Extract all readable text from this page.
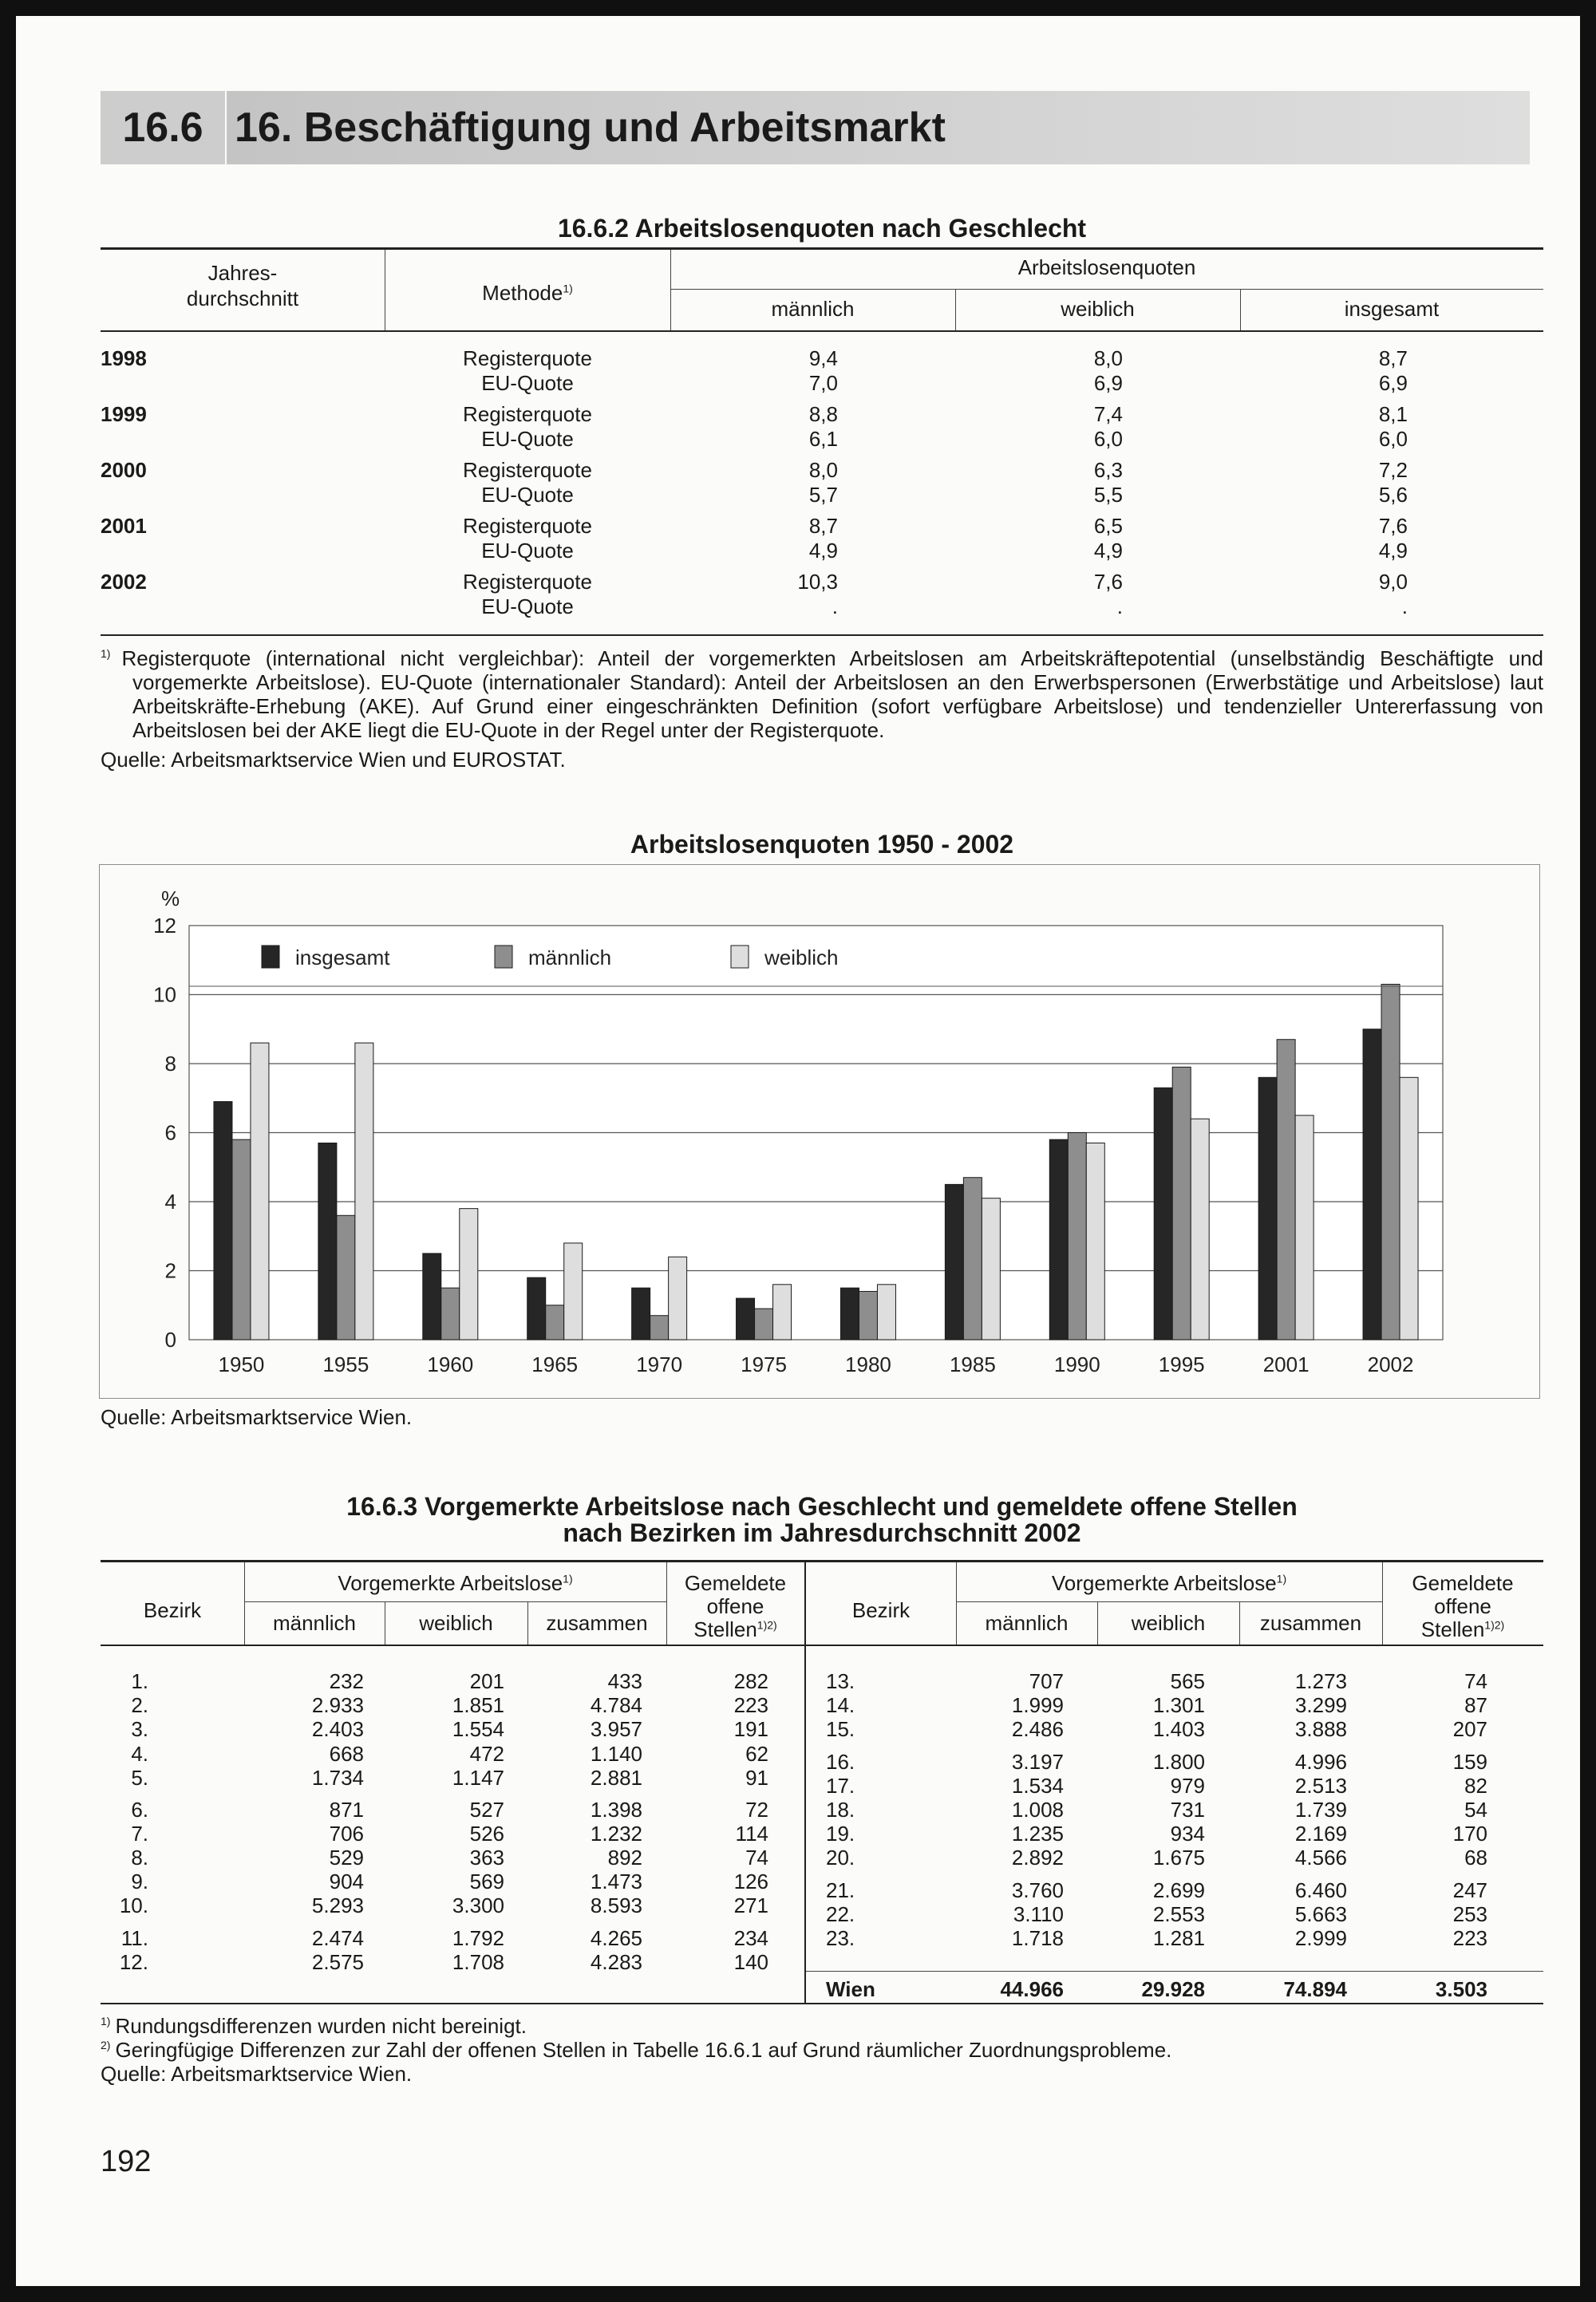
16.6 16. Beschäftigung und Arbeitsmarkt
16.6.2 Arbeitslosenquoten nach Geschlecht
Jahres-
durchschnitt	Methode$^{1)}$
Arbeitslosenquoten
männlich	weiblich	insgesamt
1998	Registerquote	9,4	8,0	8,7
EU-Quote	7,0	6,9	6,9
1999	Registerquote	8,8	7,4	8,1
EU-Quote	6,1	6,0	6,0
2000	Registerquote	8,0	6,3	7,2
EU-Quote	5,7	5,5	5,6
2001	Registerquote	8,7	6,5	7,6
EU-Quote	4,9	4,9	4,9
2002	Registerquote	10,3	7,6	9,0
EU-Quote	.	.	.
$^{1)}$ Registerquote (international nicht vergleichbar): Anteil der vorgemerkten Arbeitslosen am Arbeitskräftepotential (unselbständig Beschäftigte und vorgemerkte Arbeitslose). EU-Quote (internationaler Standard): Anteil der Arbeitslosen an den Erwerbspersonen (Erwerbstätige und Arbeitslose) laut Arbeitskräfte-Erhebung (AKE). Auf Grund einer eingeschränkten Definition (sofort verfügbare Arbeitslose) und tendenzieller Untererfassung von Arbeitslosen bei der AKE liegt die EU-Quote in der Regel unter der Registerquote.
Quelle: Arbeitsmarktservice Wien und EUROSTAT.
Arbeitslosenquoten 1950 - 2002
0
2
4
6
8
10
12
%
1950	1955	1960	1965	1970	1975	1980	1985	1990	1995	2001	2002
insgesamt	männlich	weiblich
Quelle: Arbeitsmarktservice Wien.
16.6.3 Vorgemerkte Arbeitslose nach Geschlecht und gemeldete offene Stellen
nach Bezirken im Jahresdurchschnitt 2002
Bezirk
Vorgemerkte Arbeitslose$^{1)}$
männlich	weiblich	zusammen
Gemeldete
offene
Stellen$^{1)2)}$
Bezirk
Vorgemerkte Arbeitslose$^{1)}$
männlich	weiblich	zusammen
Gemeldete
offene
Stellen$^{1)2)}$
1.	232	201	433	282
2.	2.933	1.851	4.784	223
3.	2.403	1.554	3.957	191
4.	668	472	1.140	62
5.	1.734	1.147	2.881	91
6.	871	527	1.398	72
7.	706	526	1.232	114
8.	529	363	892	74
9.	904	569	1.473	126
10.	5.293	3.300	8.593	271
11.	2.474	1.792	4.265	234
12.	2.575	1.708	4.283	140
13.	707	565	1.273	74
14.	1.999	1.301	3.299	87
15.	2.486	1.403	3.888	207
16.	3.197	1.800	4.996	159
17.	1.534	979	2.513	82
18.	1.008	731	1.739	54
19.	1.235	934	2.169	170
20.	2.892	1.675	4.566	68
21.	3.760	2.699	6.460	247
22.	3.110	2.553	5.663	253
23.	1.718	1.281	2.999	223
Wien	44.966	29.928	74.894	3.503
$^{1)}$ Rundungsdifferenzen wurden nicht bereinigt.
$^{2)}$ Geringfügige Differenzen zur Zahl der offenen Stellen in Tabelle 16.6.1 auf Grund räumlicher Zuordnungsprobleme.
Quelle: Arbeitsmarktservice Wien.
192
